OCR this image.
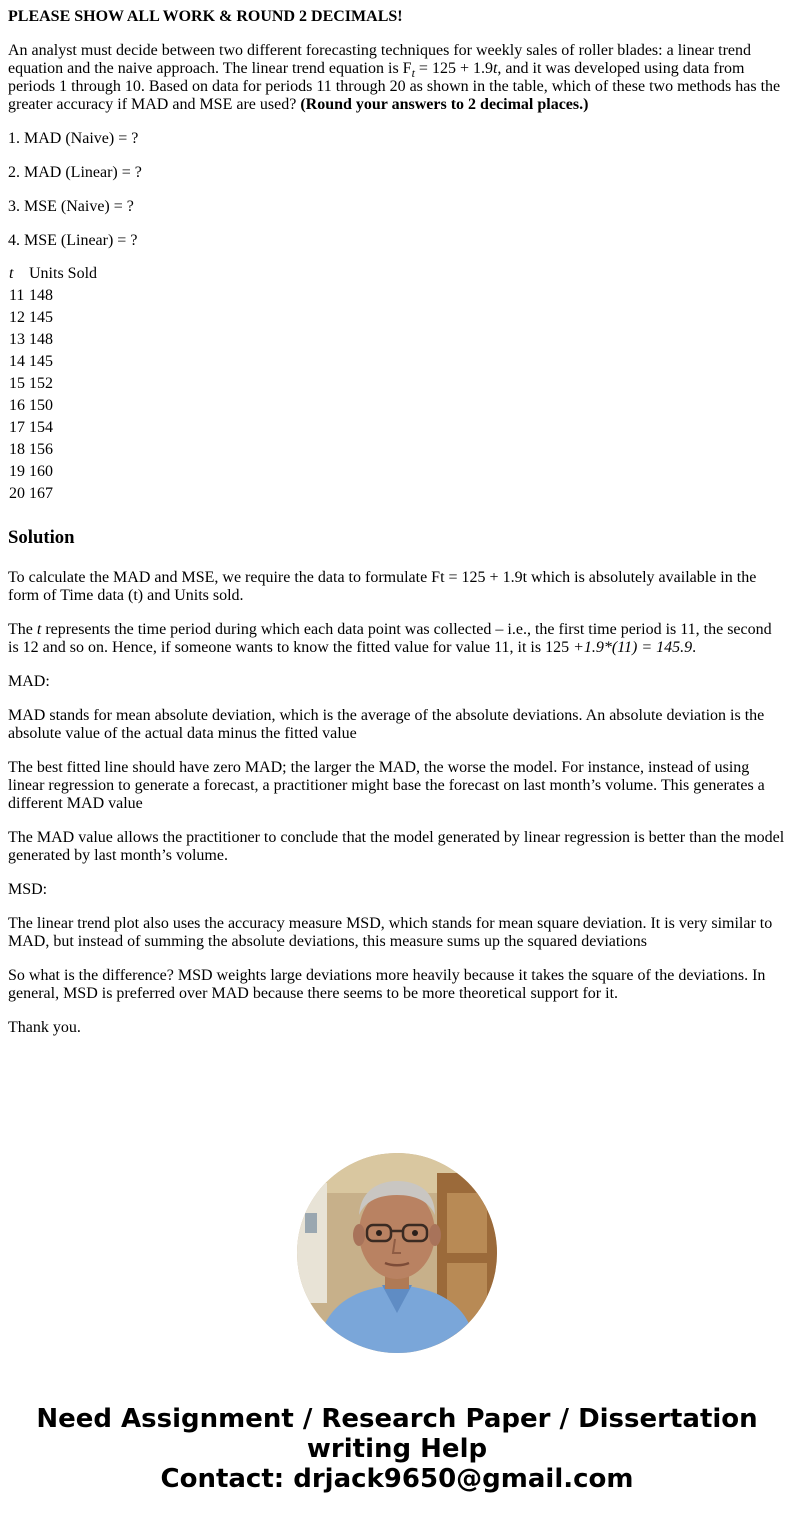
PLEASE SHOW ALL WORK & ROUND 2 DECIMALS!

An analyst must decide between two different forecasting techniques for weekly sales of roller blades: a linear trend equation and the naive approach. The linear trend equation is $F_t = 125 + 1.9t$, and it was developed using data from periods 1 through 10. Based on data for periods 11 through 20 as shown in the table, which of these two methods has the greater accuracy if MAD and MSE are used? (Round your answers to 2 decimal places.)

1. MAD (Naive) = ?

2. MAD (Linear) = ?

3. MSE (Naive) = ?

4. MSE (Linear) = ?

t	Units Sold
11	148
12	145
13	148
14	145
15	152
16	150
17	154
18	156
19	160
20	167
Solution

To calculate the MAD and MSE, we require the data to formulate Ft = 125 + 1.9t which is absolutely available in the form of Time data (t) and Units sold.

The t represents the time period during which each data point was collected – i.e., the first time period is 11, the second is 12 and so on. Hence, if someone wants to know the fitted value for value 11, it is 125 +1.9*(11) = 145.9.

MAD:

MAD stands for mean absolute deviation, which is the average of the absolute deviations. An absolute deviation is the absolute value of the actual data minus the fitted value

The best fitted line should have zero MAD; the larger the MAD, the worse the model. For instance, instead of using linear regression to generate a forecast, a practitioner might base the forecast on last month’s volume. This generates a different MAD value

The MAD value allows the practitioner to conclude that the model generated by linear regression is better than the model generated by last month’s volume.

MSD:

The linear trend plot also uses the accuracy measure MSD, which stands for mean square deviation. It is very similar to MAD, but instead of summing the absolute deviations, this measure sums up the squared deviations

So what is the difference? MSD weights large deviations more heavily because it takes the square of the deviations. In general, MSD is preferred over MAD because there seems to be more theoretical support for it.

Thank you.

Need Assignment / Research Paper / Dissertation
writing Help
Contact: drjack9650@gmail.com
